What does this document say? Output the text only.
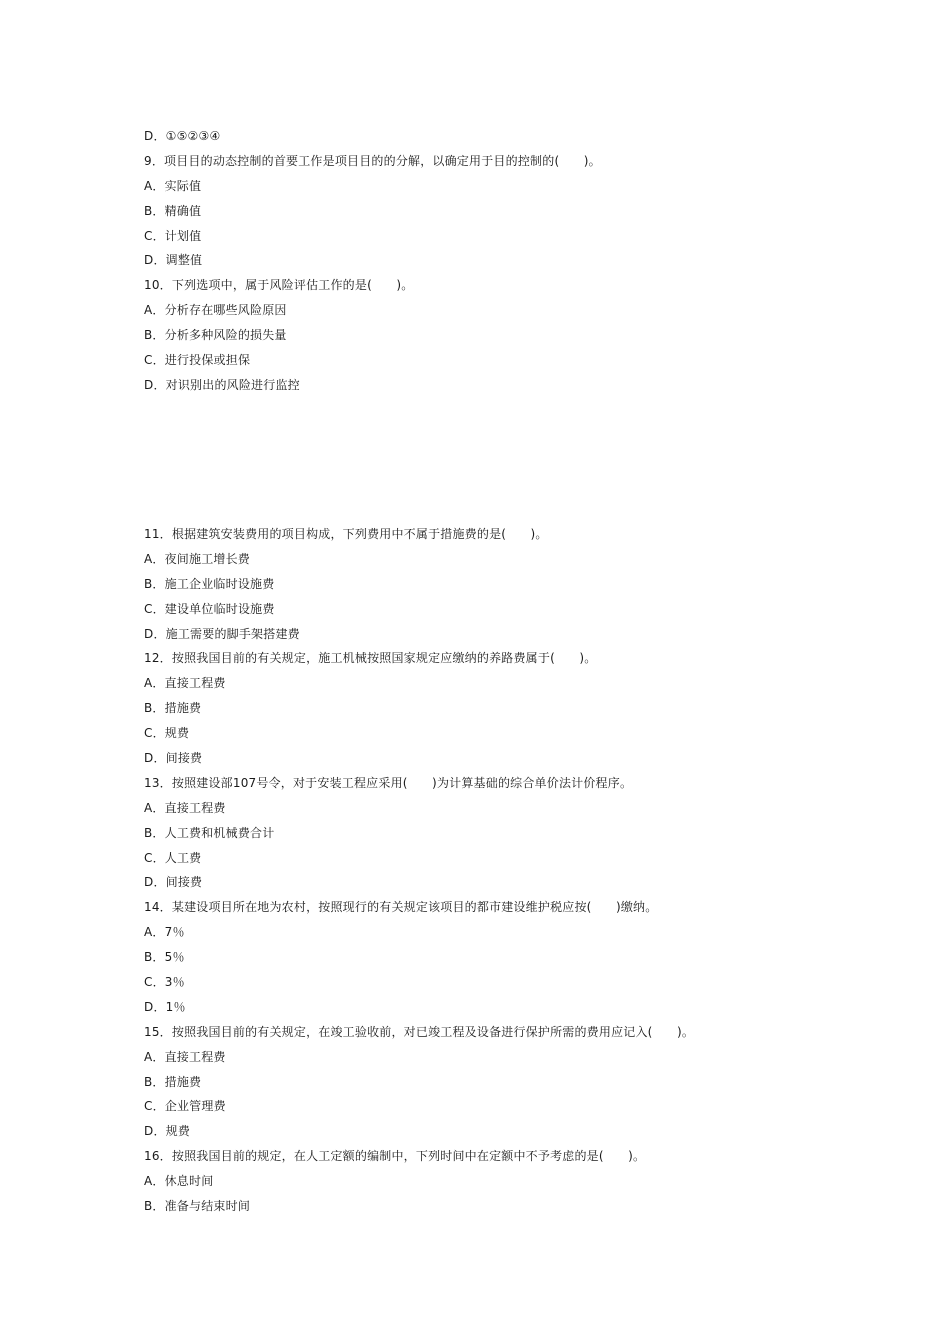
D．①⑤②③④
9．项目目的动态控制的首要工作是项目目的的分解，以确定用于目的控制的(　　)。
A．实际值
B．精确值
C．计划值
D．调整值
10．下列选项中，属于风险评估工作的是(　　)。
A．分析存在哪些风险原因
B．分析多种风险的损失量
C．进行投保或担保
D．对识别出的风险进行监控
11．根据建筑安装费用的项目构成，下列费用中不属于措施费的是(　　)。
A．夜间施工增长费
B．施工企业临时设施费
C．建设单位临时设施费
D．施工需要的脚手架搭建费
12．按照我国目前的有关规定，施工机械按照国家规定应缴纳的养路费属于(　　)。
A．直接工程费
B．措施费
C．规费
D．间接费
13．按照建设部107号令，对于安装工程应采用(　　)为计算基础的综合单价法计价程序。
A．直接工程费
B．人工费和机械费合计
C．人工费
D．间接费
14．某建设项目所在地为农村，按照现行的有关规定该项目的都市建设维护税应按(　　)缴纳。
A．7％
B．5％
C．3％
D．1％
15．按照我国目前的有关规定，在竣工验收前，对已竣工程及设备进行保护所需的费用应记入(　　)。
A．直接工程费
B．措施费
C．企业管理费
D．规费
16．按照我国目前的规定，在人工定额的编制中，下列时间中在定额中不予考虑的是(　　)。
A．休息时间
B．准备与结束时间
